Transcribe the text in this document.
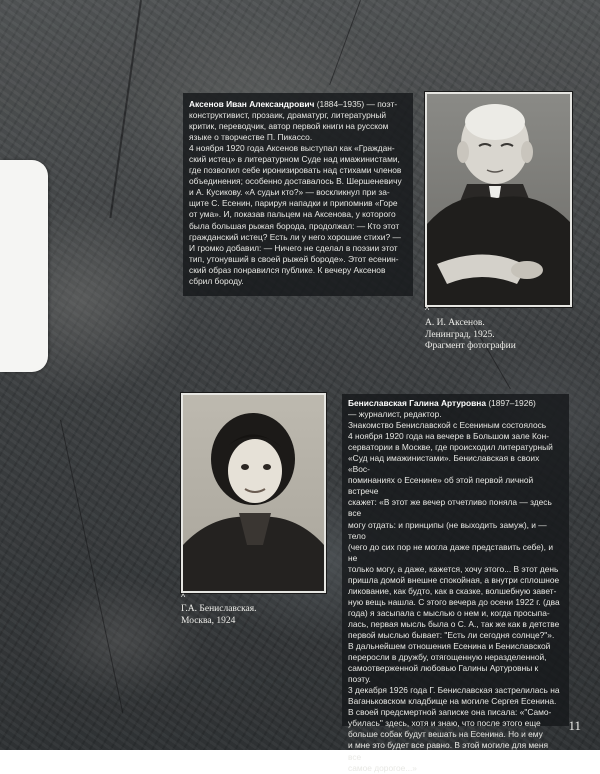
Аксенов Иван Александрович (1884–1935) — поэт-

конструктивист, прозаик, драматург, литературный

критик, переводчик, автор первой книги на русском

языке о творчестве П. Пикассо.

4 ноября 1920 года Аксенов выступал как «Граждан-

ский истец» в литературном Суде над имажинистами,

где позволил себе иронизировать над стихами членов

объединения; особенно доставалось В. Шершеневичу

и А. Кусикову. «А судьи кто?» — воскликнул при за-

щите С. Есенин, парируя нападки и припомнив «Горе

от ума». И, показав пальцем на Аксенова, у которого

была большая рыжая борода, продолжал: — Кто этот

гражданский истец? Есть ли у него хорошие стихи? —

И громко добавил: — Ничего не сделал в поэзии этот

тип, утонувший в своей рыжей бороде». Этот есенин-

ский образ понравился публике. К вечеру Аксенов

сбрил бороду.

^
А. И. Аксенов.
Ленинград, 1925.
Фрагмент фотографии
^
Г.А. Бениславская.
Москва, 1924

Бениславская Галина Артуровна (1897–1926)

— журналист, редактор.

Знакомство Бениславской с Есениным состоялось

4 ноября 1920 года на вечере в Большом зале Кон-

серватории в Москве, где происходил литературный

«Суд над имажинистами». Бениславская в своих «Вос-

поминаниях о Есенине» об этой первой личной встрече

скажет: «В этот же вечер отчетливо поняла — здесь все

могу отдать: и принципы (не выходить замуж), и — тело

(чего до сих пор не могла даже представить себе), и не

только могу, а даже, кажется, хочу этого... В этот день

пришла домой внешне спокойная, а внутри сплошное

ликование, как будто, как в сказке, волшебную завет-

ную вещь нашла. С этого вечера до осени 1922 г. (два

года) я засыпала с мыслью о нем и, когда просыпа-

лась, первая мысль была о С. А., так же как в детстве

первой мыслью бывает: "Есть ли сегодня солнце?"».

В дальнейшем отношения Есенина и Бениславской

переросли в дружбу, отягощенную неразделенной,

самоотверженной любовью Галины Артуровны к поэту.

3 декабря 1926 года Г. Бениславская застрелилась на

Ваганьковском кладбище на могиле Сергея Есенина.

В своей предсмертной записке она писала: «"Само-

убилась" здесь, хотя и знаю, что после этого еще

больше собак будут вешать на Есенина. Но и ему

и мне это будет все равно. В этой могиле для меня все

самое дорогое...»

11
